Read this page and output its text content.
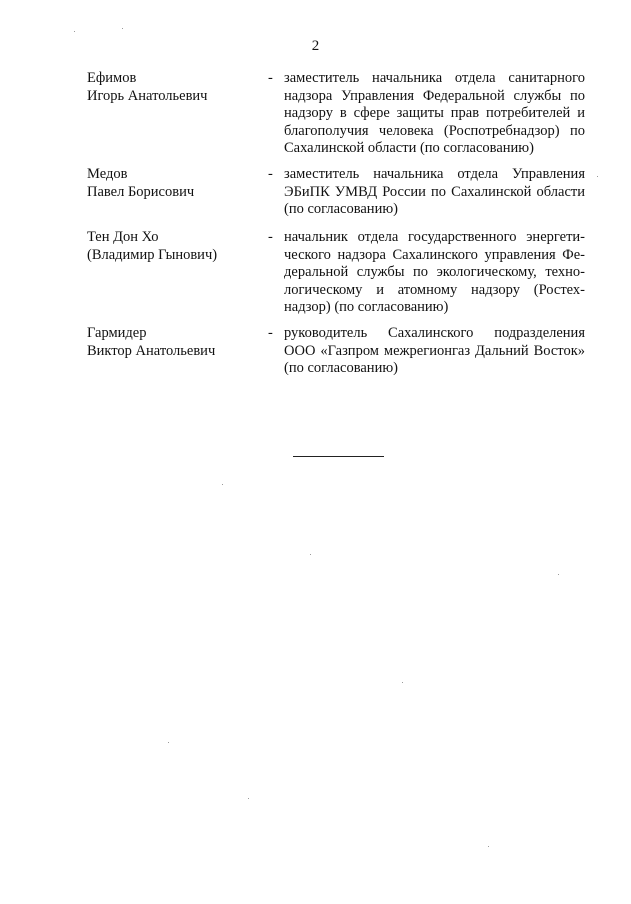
2
Ефимов
Игорь Анатольевич
- заместитель начальника отдела санитарного
надзора Управления Федеральной службы по
надзору в сфере защиты прав потребителей и
благополучия человека (Роспотребнадзор) по
Сахалинской области (по согласованию)
Медов
Павел Борисович
- заместитель начальника отдела Управления
ЭБиПК УМВД России по Сахалинской области
(по согласованию)
Тен Дон Хо
(Владимир Гынович)
- начальник отдела государственного энергети-
ческого надзора Сахалинского управления Фе-
деральной службы по экологическому, техно-
логическому и атомному надзору (Ростех-
надзор) (по согласованию)
Гармидер
Виктор Анатольевич
- руководитель Сахалинского подразделения
ООО «Газпром межрегионгаз Дальний Восток»
(по согласованию)
